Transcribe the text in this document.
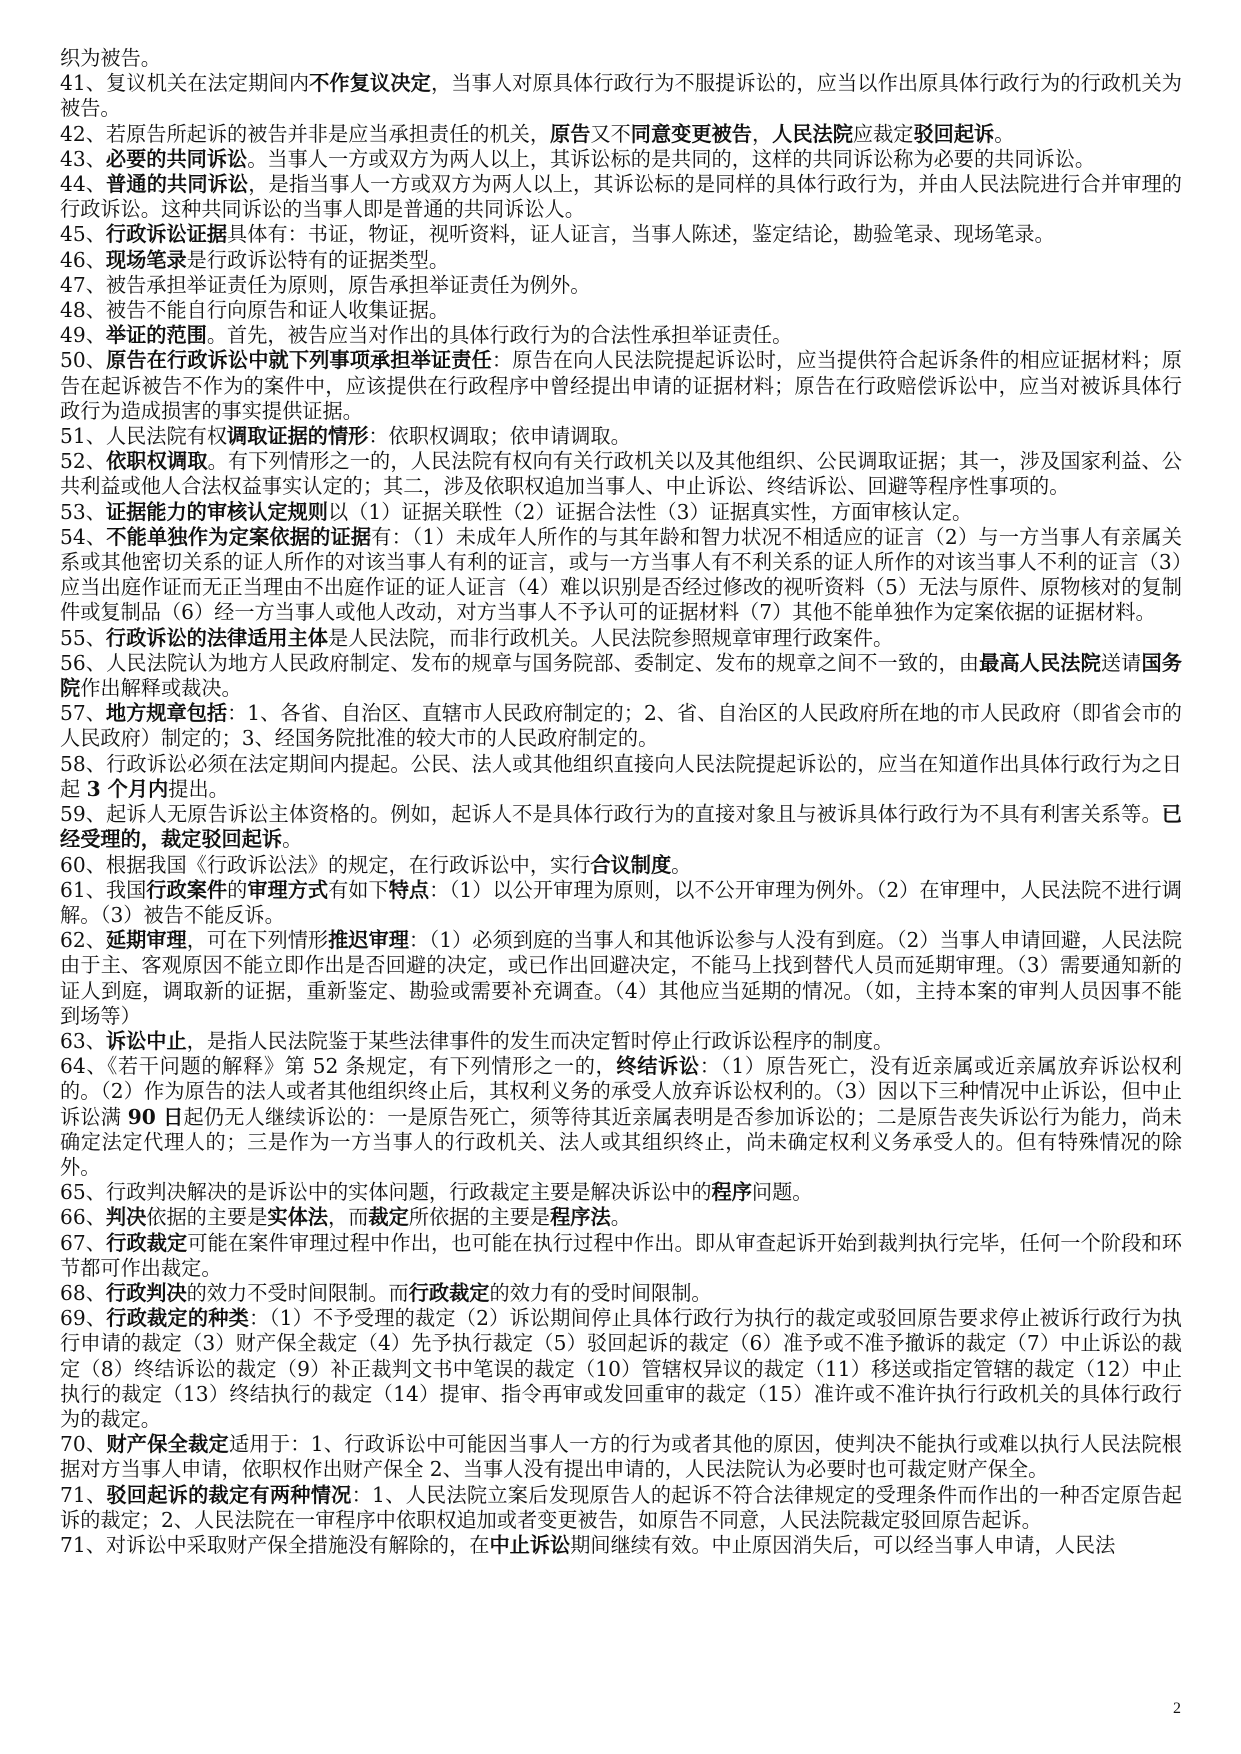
织为被告。

41、复议机关在法定期间内不作复议决定，当事人对原具体行政行为不服提诉讼的，应当以作出原具体行政行为的行政机关为被告。

42、若原告所起诉的被告并非是应当承担责任的机关，原告又不同意变更被告，人民法院应裁定驳回起诉。

43、必要的共同诉讼。当事人一方或双方为两人以上，其诉讼标的是共同的，这样的共同诉讼称为必要的共同诉讼。

44、普通的共同诉讼，是指当事人一方或双方为两人以上，其诉讼标的是同样的具体行政行为，并由人民法院进行合并审理的行政诉讼。这种共同诉讼的当事人即是普通的共同诉讼人。

45、行政诉讼证据具体有：书证，物证，视听资料，证人证言，当事人陈述，鉴定结论，勘验笔录、现场笔录。

46、现场笔录是行政诉讼特有的证据类型。

47、被告承担举证责任为原则，原告承担举证责任为例外。

48、被告不能自行向原告和证人收集证据。

49、举证的范围。首先，被告应当对作出的具体行政行为的合法性承担举证责任。

50、原告在行政诉讼中就下列事项承担举证责任：原告在向人民法院提起诉讼时，应当提供符合起诉条件的相应证据材料；原告在起诉被告不作为的案件中，应该提供在行政程序中曾经提出申请的证据材料；原告在行政赔偿诉讼中，应当对被诉具体行政行为造成损害的事实提供证据。

51、人民法院有权调取证据的情形：依职权调取；依申请调取。

52、依职权调取。有下列情形之一的，人民法院有权向有关行政机关以及其他组织、公民调取证据；其一，涉及国家利益、公共利益或他人合法权益事实认定的；其二，涉及依职权追加当事人、中止诉讼、终结诉讼、回避等程序性事项的。

53、证据能力的审核认定规则以（1）证据关联性（2）证据合法性（3）证据真实性，方面审核认定。

54、不能单独作为定案依据的证据有：（1）未成年人所作的与其年龄和智力状况不相适应的证言（2）与一方当事人有亲属关系或其他密切关系的证人所作的对该当事人有利的证言，或与一方当事人有不利关系的证人所作的对该当事人不利的证言（3）应当出庭作证而无正当理由不出庭作证的证人证言（4）难以识别是否经过修改的视听资料（5）无法与原件、原物核对的复制件或复制品（6）经一方当事人或他人改动，对方当事人不予认可的证据材料（7）其他不能单独作为定案依据的证据材料。

55、行政诉讼的法律适用主体是人民法院，而非行政机关。人民法院参照规章审理行政案件。

56、人民法院认为地方人民政府制定、发布的规章与国务院部、委制定、发布的规章之间不一致的，由最高人民法院送请国务院作出解释或裁决。

57、地方规章包括：1、各省、自治区、直辖市人民政府制定的；2、省、自治区的人民政府所在地的市人民政府（即省会市的人民政府）制定的；3、经国务院批准的较大市的人民政府制定的。

58、行政诉讼必须在法定期间内提起。公民、法人或其他组织直接向人民法院提起诉讼的，应当在知道作出具体行政行为之日起 3 个月内提出。

59、起诉人无原告诉讼主体资格的。例如，起诉人不是具体行政行为的直接对象且与被诉具体行政行为不具有利害关系等。已经受理的，裁定驳回起诉。

60、根据我国《行政诉讼法》的规定，在行政诉讼中，实行合议制度。

61、我国行政案件的审理方式有如下特点：（1）以公开审理为原则，以不公开审理为例外。（2）在审理中，人民法院不进行调解。（3）被告不能反诉。

62、延期审理，可在下列情形推迟审理：（1）必须到庭的当事人和其他诉讼参与人没有到庭。（2）当事人申请回避，人民法院由于主、客观原因不能立即作出是否回避的决定，或已作出回避决定，不能马上找到替代人员而延期审理。（3）需要通知新的证人到庭，调取新的证据，重新鉴定、勘验或需要补充调查。（4）其他应当延期的情况。（如，主持本案的审判人员因事不能到场等）

63、诉讼中止，是指人民法院鉴于某些法律事件的发生而决定暂时停止行政诉讼程序的制度。

64、《若干问题的解释》第 52 条规定，有下列情形之一的，终结诉讼：（1）原告死亡，没有近亲属或近亲属放弃诉讼权利的。（2）作为原告的法人或者其他组织终止后，其权利义务的承受人放弃诉讼权利的。（3）因以下三种情况中止诉讼，但中止诉讼满 90 日起仍无人继续诉讼的：一是原告死亡，须等待其近亲属表明是否参加诉讼的；二是原告丧失诉讼行为能力，尚未确定法定代理人的；三是作为一方当事人的行政机关、法人或其组织终止，尚未确定权利义务承受人的。但有特殊情况的除外。

65、行政判决解决的是诉讼中的实体问题，行政裁定主要是解决诉讼中的程序问题。

66、判决依据的主要是实体法，而裁定所依据的主要是程序法。

67、行政裁定可能在案件审理过程中作出，也可能在执行过程中作出。即从审查起诉开始到裁判执行完毕，任何一个阶段和环节都可作出裁定。

68、行政判决的效力不受时间限制。而行政裁定的效力有的受时间限制。

69、行政裁定的种类：（1）不予受理的裁定（2）诉讼期间停止具体行政行为执行的裁定或驳回原告要求停止被诉行政行为执行申请的裁定（3）财产保全裁定（4）先予执行裁定（5）驳回起诉的裁定（6）准予或不准予撤诉的裁定（7）中止诉讼的裁定（8）终结诉讼的裁定（9）补正裁判文书中笔误的裁定（10）管辖权异议的裁定（11）移送或指定管辖的裁定（12）中止执行的裁定（13）终结执行的裁定（14）提审、指令再审或发回重审的裁定（15）准许或不准许执行行政机关的具体行政行为的裁定。

70、财产保全裁定适用于：1、行政诉讼中可能因当事人一方的行为或者其他的原因，使判决不能执行或难以执行人民法院根据对方当事人申请，依职权作出财产保全 2、当事人没有提出申请的，人民法院认为必要时也可裁定财产保全。

71、驳回起诉的裁定有两种情况：1、人民法院立案后发现原告人的起诉不符合法律规定的受理条件而作出的一种否定原告起诉的裁定；2、人民法院在一审程序中依职权追加或者变更被告，如原告不同意，人民法院裁定驳回原告起诉。

71、对诉讼中采取财产保全措施没有解除的，在中止诉讼期间继续有效。中止原因消失后，可以经当事人申请，人民法

2
